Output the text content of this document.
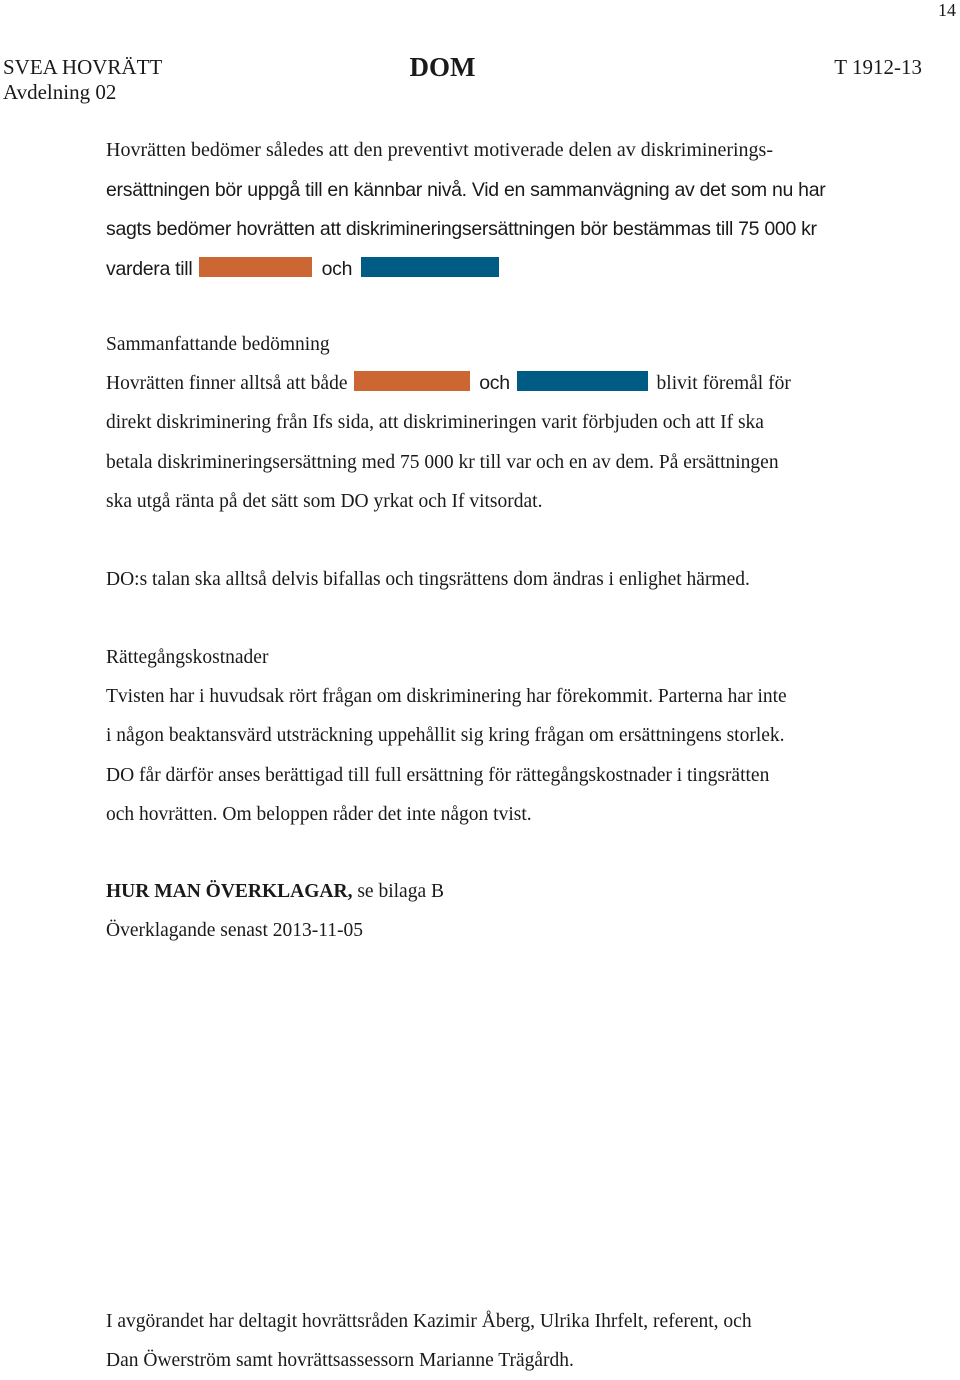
14
SVEA HOVRÄTT
Avdelning 02
DOM	T 1912-13
Hovrätten bedömer således att den preventivt motiverade delen av diskriminerings-
ersättningen bör uppgå till en kännbar nivå. Vid en sammanvägning av det som nu har
sagts bedömer hovrätten att diskrimineringsersättningen bör bestämmas till 75 000 kr
vardera till	och
Sammanfattande bedömning
Hovrätten finner alltså att både	och	blivit föremål för
direkt diskriminering från Ifs sida, att diskrimineringen varit förbjuden och att If ska
betala diskrimineringsersättning med 75 000 kr till var och en av dem. På ersättningen
ska utgå ränta på det sätt som DO yrkat och If vitsordat.
DO:s talan ska alltså delvis bifallas och tingsrättens dom ändras i enlighet härmed.
Rättegångskostnader
Tvisten har i huvudsak rört frågan om diskriminering har förekommit. Parterna har inte
i någon beaktansvärd utsträckning uppehållit sig kring frågan om ersättningens storlek.
DO får därför anses berättigad till full ersättning för rättegångskostnader i tingsrätten
och hovrätten. Om beloppen råder det inte någon tvist.
HUR MAN ÖVERKLAGAR, se bilaga B
Överklagande senast 2013-11-05
I avgörandet har deltagit hovrättsråden Kazimir Åberg, Ulrika Ihrfelt, referent, och
Dan Öwerström samt hovrättsassessorn Marianne Trägårdh.
